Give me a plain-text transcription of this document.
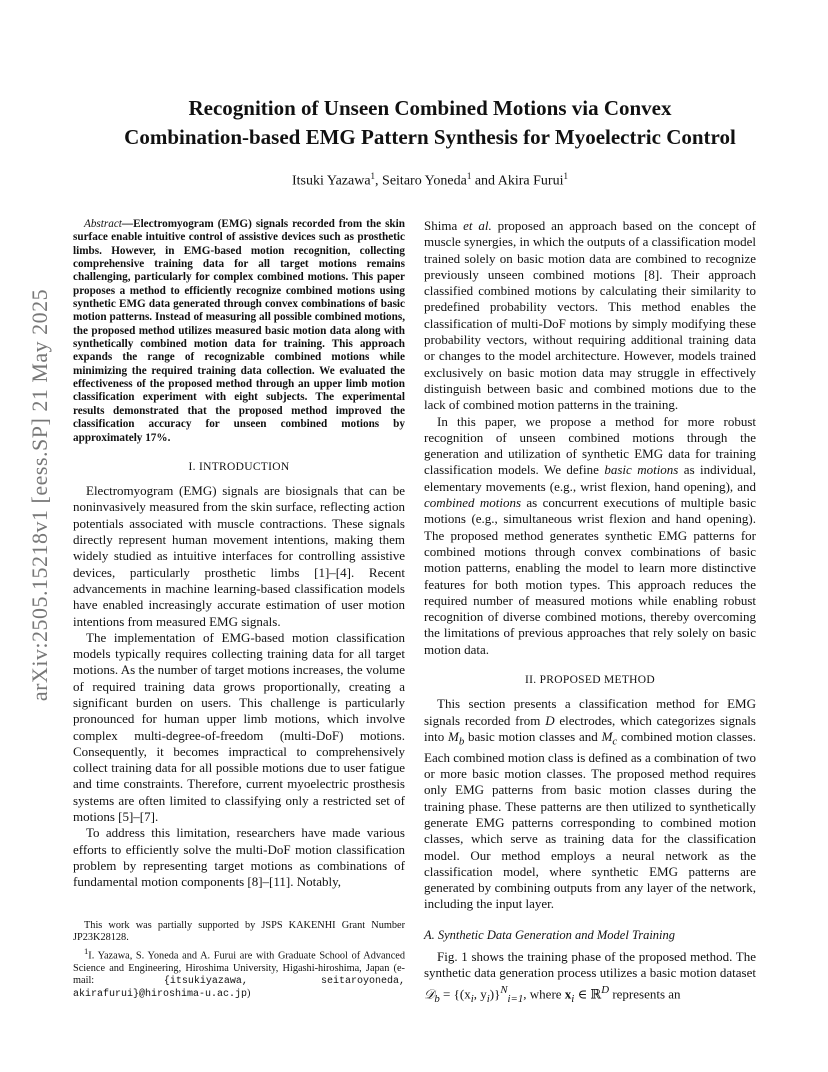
arXiv:2505.15218v1 [eess.SP] 21 May 2025
Recognition of Unseen Combined Motions via Convex
Combination-based EMG Pattern Synthesis for Myoelectric Control
Itsuki Yazawa$^1$, Seitaro Yoneda$^1$ and Akira Furui$^1$

Abstract—Electromyogram (EMG) signals recorded from the skin surface enable intuitive control of assistive devices such as prosthetic limbs. However, in EMG-based motion recognition, collecting comprehensive training data for all target motions remains challenging, particularly for complex combined motions. This paper proposes a method to efficiently recognize combined motions using synthetic EMG data generated through convex combinations of basic motion patterns. Instead of measuring all possible combined motions, the proposed method utilizes measured basic motion data along with synthetically combined motion data for training. This approach expands the range of recognizable combined motions while minimizing the required training data collection. We evaluated the effectiveness of the proposed method through an upper limb motion classification experiment with eight subjects. The experimental results demonstrated that the proposed method improved the classification accuracy for unseen combined motions by approximately 17%.

I. INTRODUCTION

Electromyogram (EMG) signals are biosignals that can be noninvasively measured from the skin surface, reflecting action potentials associated with muscle contractions. These signals directly represent human movement intentions, making them widely studied as intuitive interfaces for controlling assistive devices, particularly prosthetic limbs [1]–[4]. Recent advancements in machine learning-based classification models have enabled increasingly accurate estimation of user motion intentions from measured EMG signals.

The implementation of EMG-based motion classification models typically requires collecting training data for all target motions. As the number of target motions increases, the volume of required training data grows proportionally, creating a significant burden on users. This challenge is particularly pronounced for human upper limb motions, which involve complex multi-degree-of-freedom (multi-DoF) motions. Consequently, it becomes impractical to comprehensively collect training data for all possible motions due to user fatigue and time constraints. Therefore, current myoelectric prosthesis systems are often limited to classifying only a restricted set of motions [5]–[7].

To address this limitation, researchers have made various efforts to efficiently solve the multi-DoF motion classification problem by representing target motions as combinations of fundamental motion components [8]–[11]. Notably,

This work was partially supported by JSPS KAKENHI Grant Number JP23K28128.

$^1$I. Yazawa, S. Yoneda and A. Furui are with Graduate School of Advanced Science and Engineering, Hiroshima University, Higashi-hiroshima, Japan (e-mail:	{itsukiyazawa, seitaroyoneda, akirafurui}@hiroshima-u.ac.jp)

Shima et al. proposed an approach based on the concept of muscle synergies, in which the outputs of a classification model trained solely on basic motion data are combined to recognize previously unseen combined motions [8]. Their approach classified combined motions by calculating their similarity to predefined probability vectors. This method enables the classification of multi-DoF motions by simply modifying these probability vectors, without requiring additional training data or changes to the model architecture. However, models trained exclusively on basic motion data may struggle in effectively distinguish between basic and combined motions due to the lack of combined motion patterns in the training.

In this paper, we propose a method for more robust recognition of unseen combined motions through the generation and utilization of synthetic EMG data for training classification models. We define basic motions as individual, elementary movements (e.g., wrist flexion, hand opening), and combined motions as concurrent executions of multiple basic motions (e.g., simultaneous wrist flexion and hand opening). The proposed method generates synthetic EMG patterns for combined motions through convex combinations of basic motion patterns, enabling the model to learn more distinctive features for both motion types. This approach reduces the required number of measured motions while enabling robust recognition of diverse combined motions, thereby overcoming the limitations of previous approaches that rely solely on basic motion data.

II. PROPOSED METHOD

This section presents a classification method for EMG signals recorded from D electrodes, which categorizes signals into $M_b$ basic motion classes and $M_c$ combined motion classes. Each combined motion class is defined as a combination of two or more basic motion classes. The proposed method requires only EMG patterns from basic motion classes during the training phase. These patterns are then utilized to synthetically generate EMG patterns corresponding to combined motion classes, which serve as training data for the classification model. Our method employs a neural network as the classification model, where synthetic EMG patterns are generated by combining outputs from any layer of the network, including the input layer.

A. Synthetic Data Generation and Model Training

Fig. 1 shows the training phase of the proposed method. The synthetic data generation process utilizes a basic motion dataset 𝒟$_b$ = {($x_i$, $y_i)\}^N_{i=1}$, where $x_i$ ∈ ℝ$^D$ represents an
